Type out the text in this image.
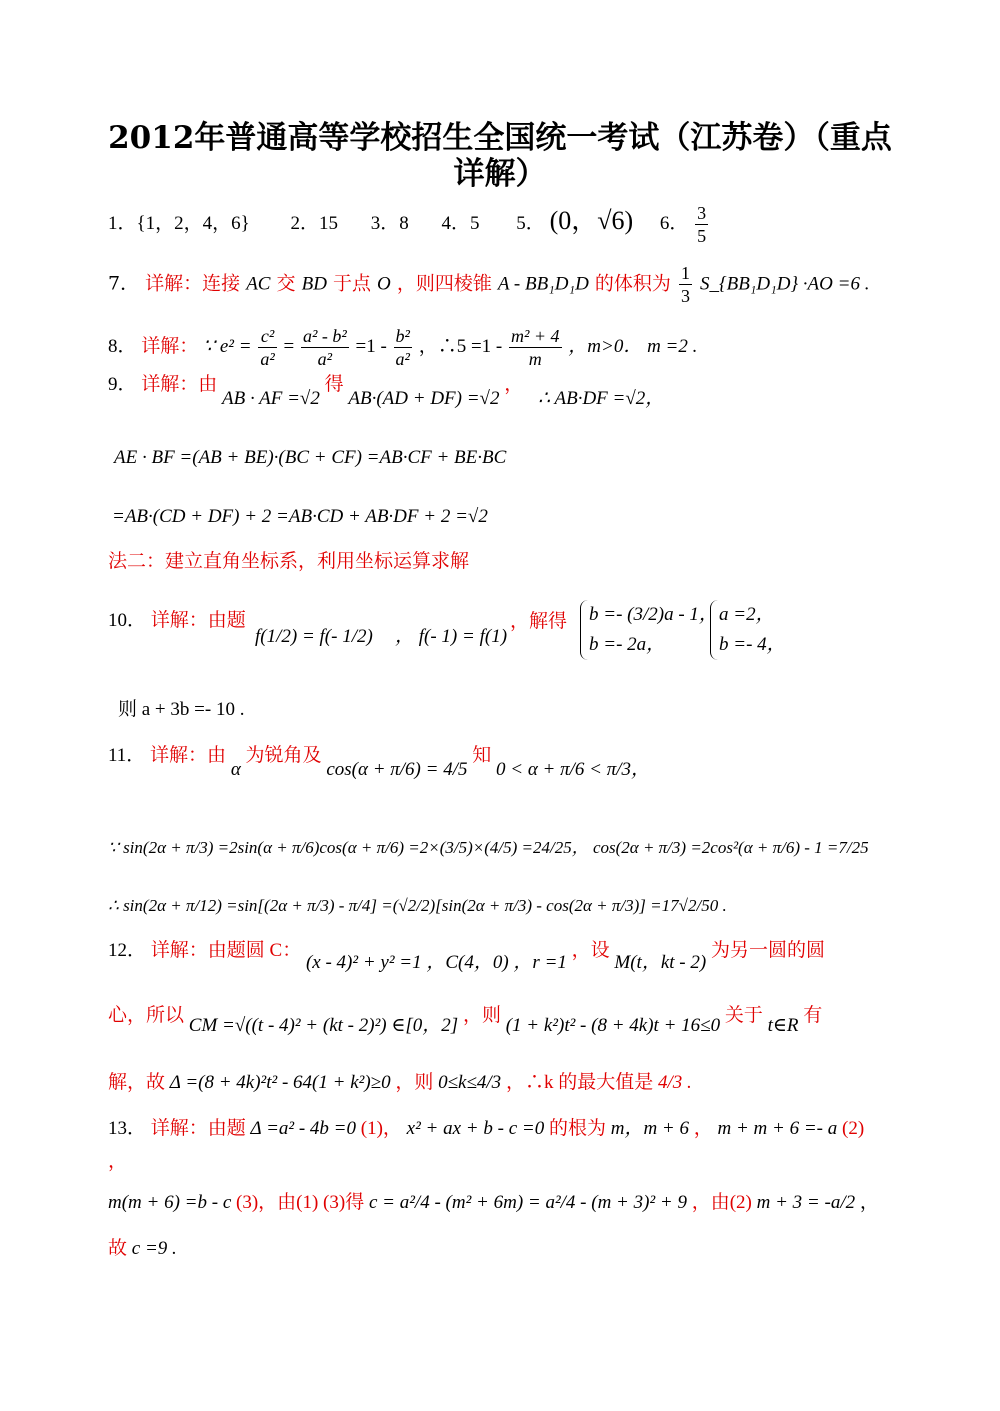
2012年普通高等学校招生全国统一考试（江苏卷）（重点
详解）
1．{1，2，4，6} 2．15 3．8 4．5 5． (0，√6) 6． $\frac{3}{5}$
7． 详解：连接 AC 交 BD 于点 O ，则四棱锥 A - BB₁D₁D 的体积为 $\frac{1}{3}$ S_{BB₁D₁D} ·AO =6 .
8． 详解： ∵ $e^2 = \frac{\text{c²}}{\text{a²}} = \frac{\text{a² - b²}}{\text{a²}} =1 - \frac{\text{b²}}{\text{a²}}$ ，∴5 $=1 - \frac{\text{m² + 4}}{m}$ ，m>0． m =2 .
9． 详解：由 AB · AF =√2 得 AB·(AD + DF) =√2 ， ∴ AB·DF =√2，
AE · BF =(AB + BE)·(BC + CF) =AB·CF + BE·BC
=AB·(CD + DF) + 2 =AB·CD + AB·DF + 2 =√2
法二：建立直角坐标系，利用坐标运算求解
10． 详解：由题
f(1/2) = f(- 1/2)	， f(- 1) = f(1)
，解得	b =- (3/2)a - 1，
b =- 2a，
a =2，
b =- 4，
则 a + 3b =- 10 .
11． 详解：由 α 为锐角及 cos(α + π/6) = 4/5 知 0 < α + π/6 < π/3，
∵ sin(2α + π/3) =2sin(α + π/6)cos(α + π/6) =2×(3/5)×(4/5) =24/25， cos(2α + π/3) =2cos²(α + π/6) - 1 =7/25
∴ sin(2α + π/12) =sin[(2α + π/3) - π/4] =(√2/2)[sin(2α + π/3) - cos(2α + π/3)] =17√2/50 .
12． 详解：由题圆 C： (x - 4)² + y² =1 ，C(4，0) ，r =1 ，设 M(t，kt - 2) 为另一圆的圆
心，所以 CM =√((t - 4)² + (kt - 2)²) ∈[0，2] ，则 (1 + k²)t² - (8 + 4k)t + 16≤0 关于 t∈R 有
解，故 Δ =(8 + 4k)²t² - 64(1 + k²)≥0 ，则 0≤k≤4/3 ，∴k 的最大值是 4/3 .
13． 详解：由题 Δ =a² - 4b =0 (1)， x² + ax + b - c =0 的根为 m，m + 6 ， m + m + 6 =- a (2)
，
m(m + 6) =b - c (3)，由(1) (3)得 c = a²/4 - (m² + 6m) = a²/4 - (m + 3)² + 9 ，由(2) m + 3 = -a/2 ，
故 c =9 .
